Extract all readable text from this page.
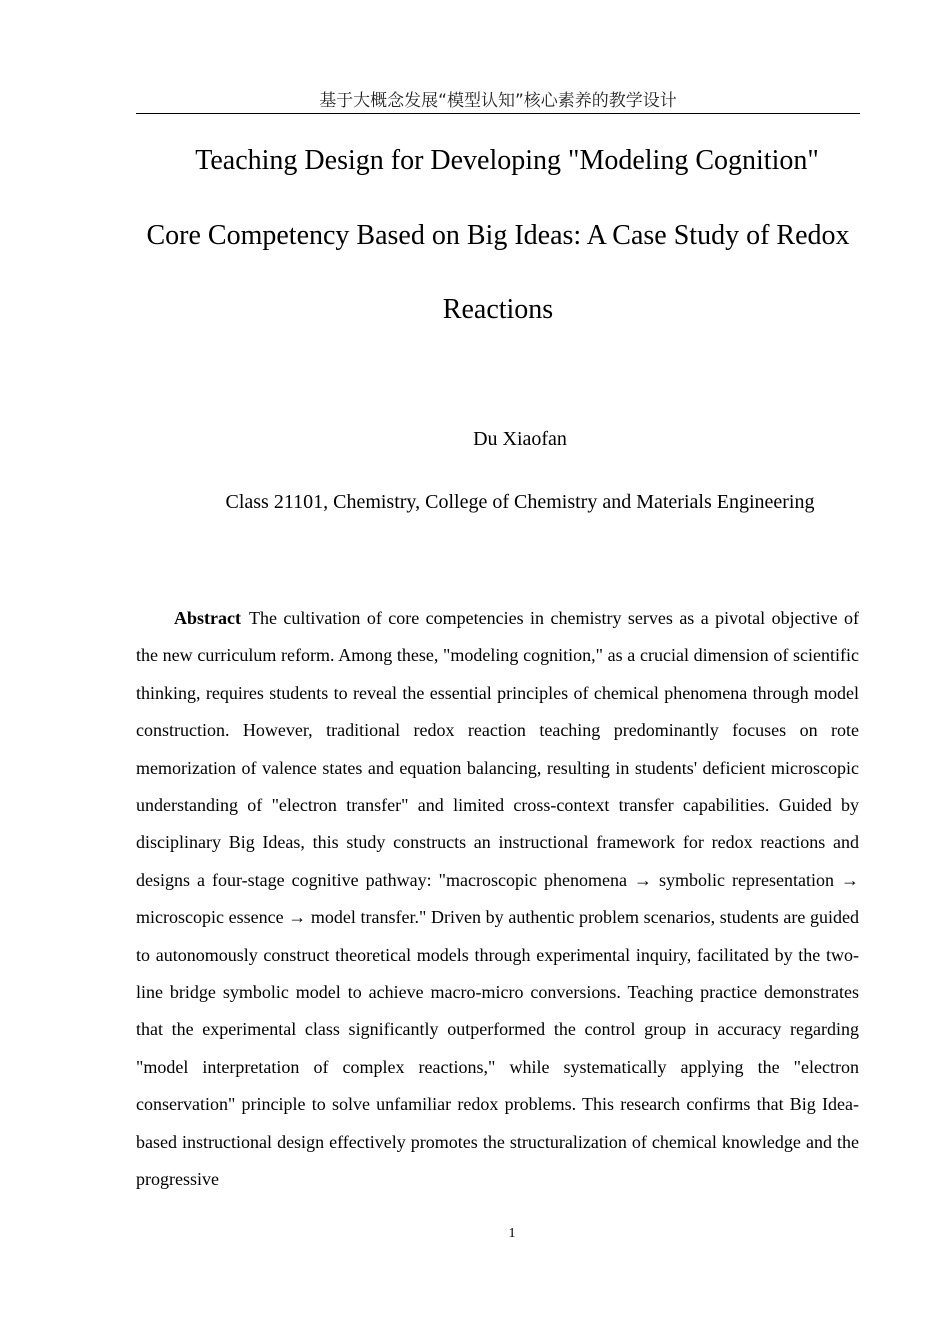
基于大概念发展“模型认知”核心素养的教学设计
Teaching Design for Developing "Modeling Cognition"
Core Competency Based on Big Ideas: A Case Study of Redox
Reactions
Du Xiaofan
Class 21101, Chemistry, College of Chemistry and Materials Engineering

Abstract The cultivation of core competencies in chemistry serves as a pivotal objective of the new curriculum reform. Among these, "modeling cognition," as a crucial dimension of scientific thinking, requires students to reveal the essential principles of chemical phenomena through model construction. However, traditional redox reaction teaching predominantly focuses on rote memorization of valence states and equation balancing, resulting in students' deficient microscopic understanding of "electron transfer" and limited cross-context transfer capabilities. Guided by disciplinary Big Ideas, this study constructs an instructional framework for redox reactions and designs a four-stage cognitive pathway: "macroscopic phenomena → symbolic representation → microscopic essence → model transfer." Driven by authentic problem scenarios, students are guided to autonomously construct theoretical models through experimental inquiry, facilitated by the two-line bridge symbolic model to achieve macro-micro conversions. Teaching practice demonstrates that the experimental class significantly outperformed the control group in accuracy regarding "model interpretation of complex reactions," while systematically applying the "electron conservation" principle to solve unfamiliar redox problems. This research confirms that Big Idea-based instructional design effectively promotes the structuralization of chemical knowledge and the progressive

1
